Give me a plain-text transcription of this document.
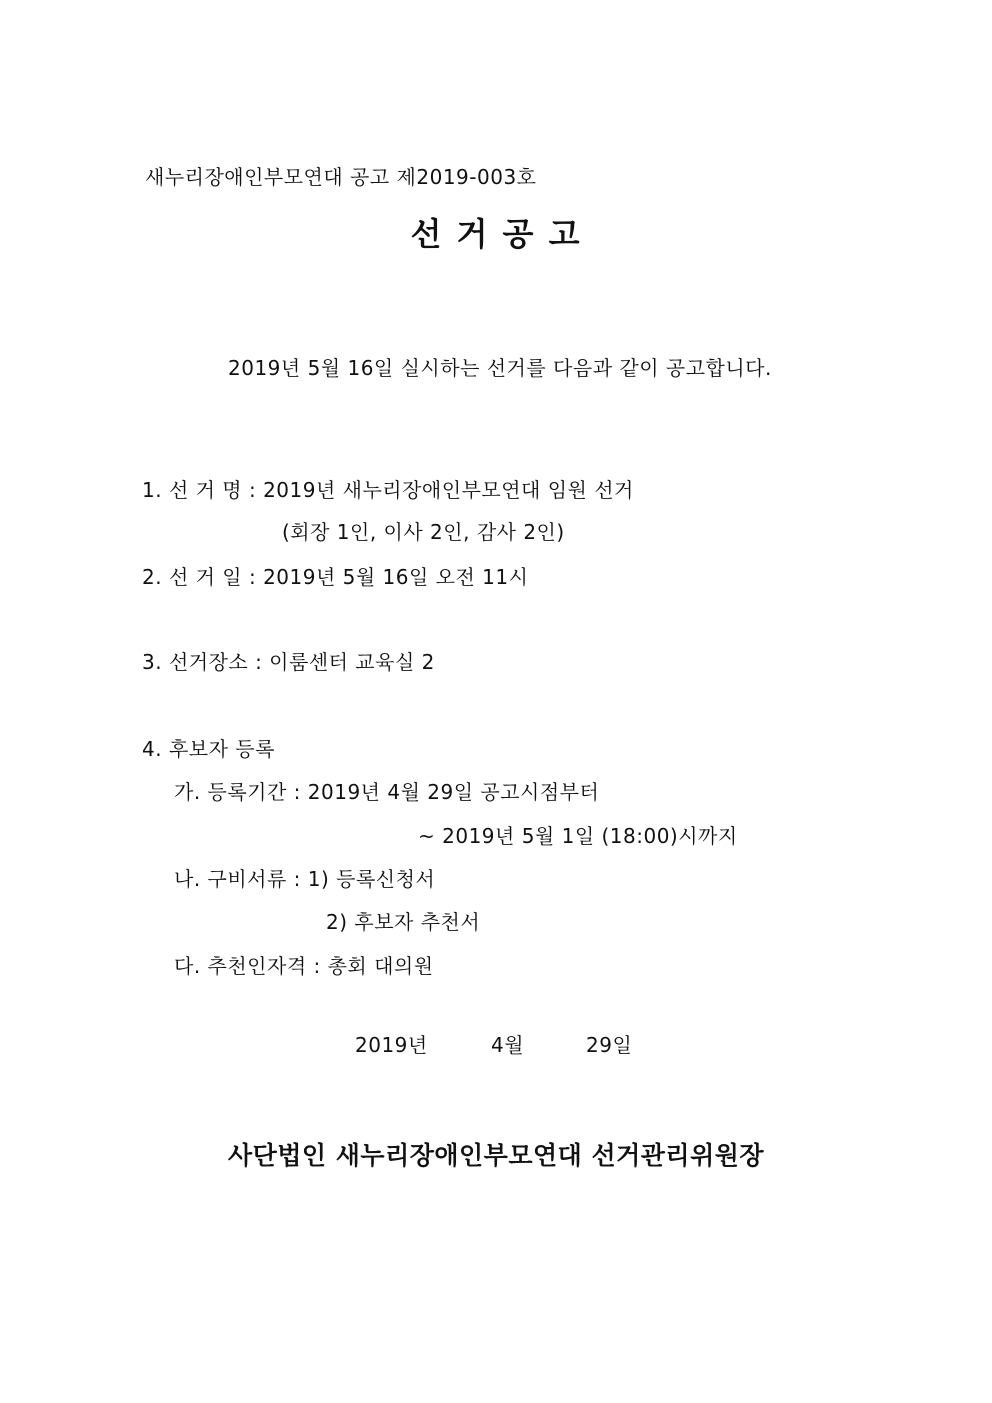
새누리장애인부모연대 공고 제2019-003호
선 거 공 고
2019년 5월 16일 실시하는 선거를 다음과 같이 공고합니다.
1. 선 거 명 : 2019년 새누리장애인부모연대 임원 선거
(회장 1인, 이사 2인, 감사 2인)
2. 선 거 일 : 2019년 5월 16일 오전 11시
3. 선거장소 : 이룸센터 교육실 2
4. 후보자 등록
가. 등록기간 : 2019년 4월 29일 공고시점부터
~ 2019년 5월 1일 (18:00)시까지
나. 구비서류 : 1) 등록신청서
2) 후보자 추천서
다. 추천인자격 : 총회 대의원
2019년	4월	29일
사단법인 새누리장애인부모연대 선거관리위원장
